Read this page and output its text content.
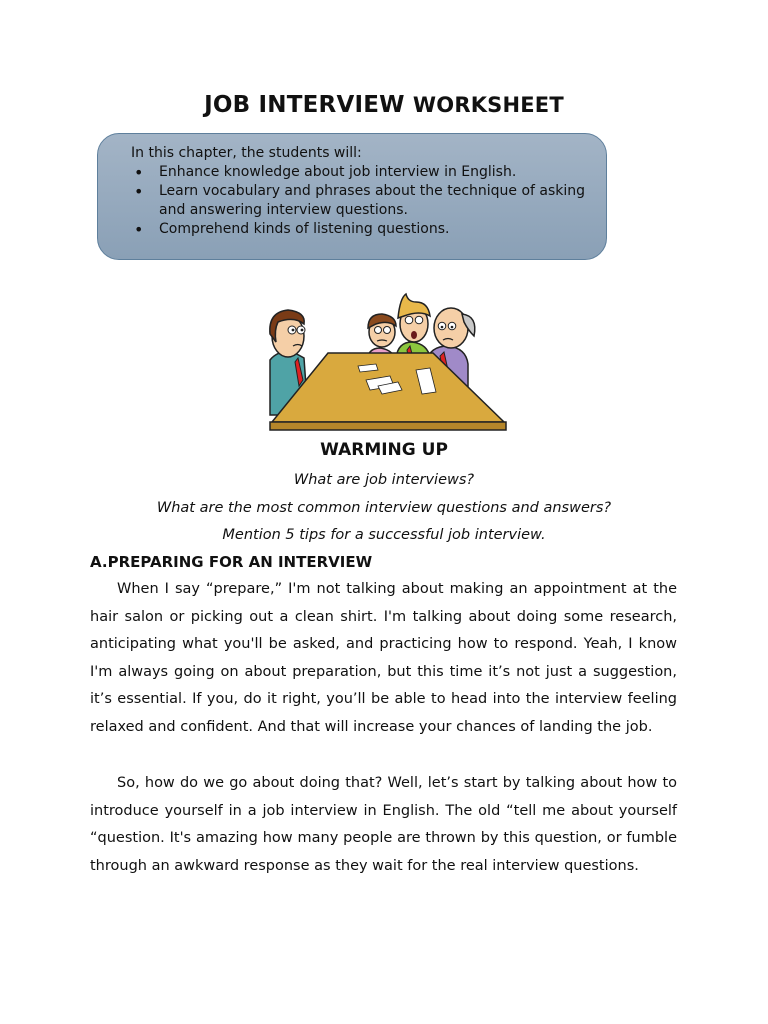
JOB INTERVIEW WORKSHEET

In this chapter, the students will:

• Enhance knowledge about job interview in English.
• Learn vocabulary and phrases about the technique of asking and answering interview questions.
• Comprehend kinds of listening questions.
WARMING UP

What are job interviews?

What are the most common interview questions and answers?

Mention 5 tips for a successful job interview.

A.PREPARING FOR AN INTERVIEW

When I say “prepare,” I'm not talking about making an appointment at the hair salon or picking out a clean shirt. I'm talking about doing some research, anticipating what you'll be asked, and practicing how to respond. Yeah, I know I'm always going on about preparation, but this time it’s not just a suggestion, it’s essential. If you, do it right, you’ll be able to head into the interview feeling relaxed and confident. And that will increase your chances of landing the job.

So, how do we go about doing that? Well, let’s start by talking about how to introduce yourself in a job interview in English. The old “tell me about yourself “question. It's amazing how many people are thrown by this question, or fumble through an awkward response as they wait for the real interview questions.
